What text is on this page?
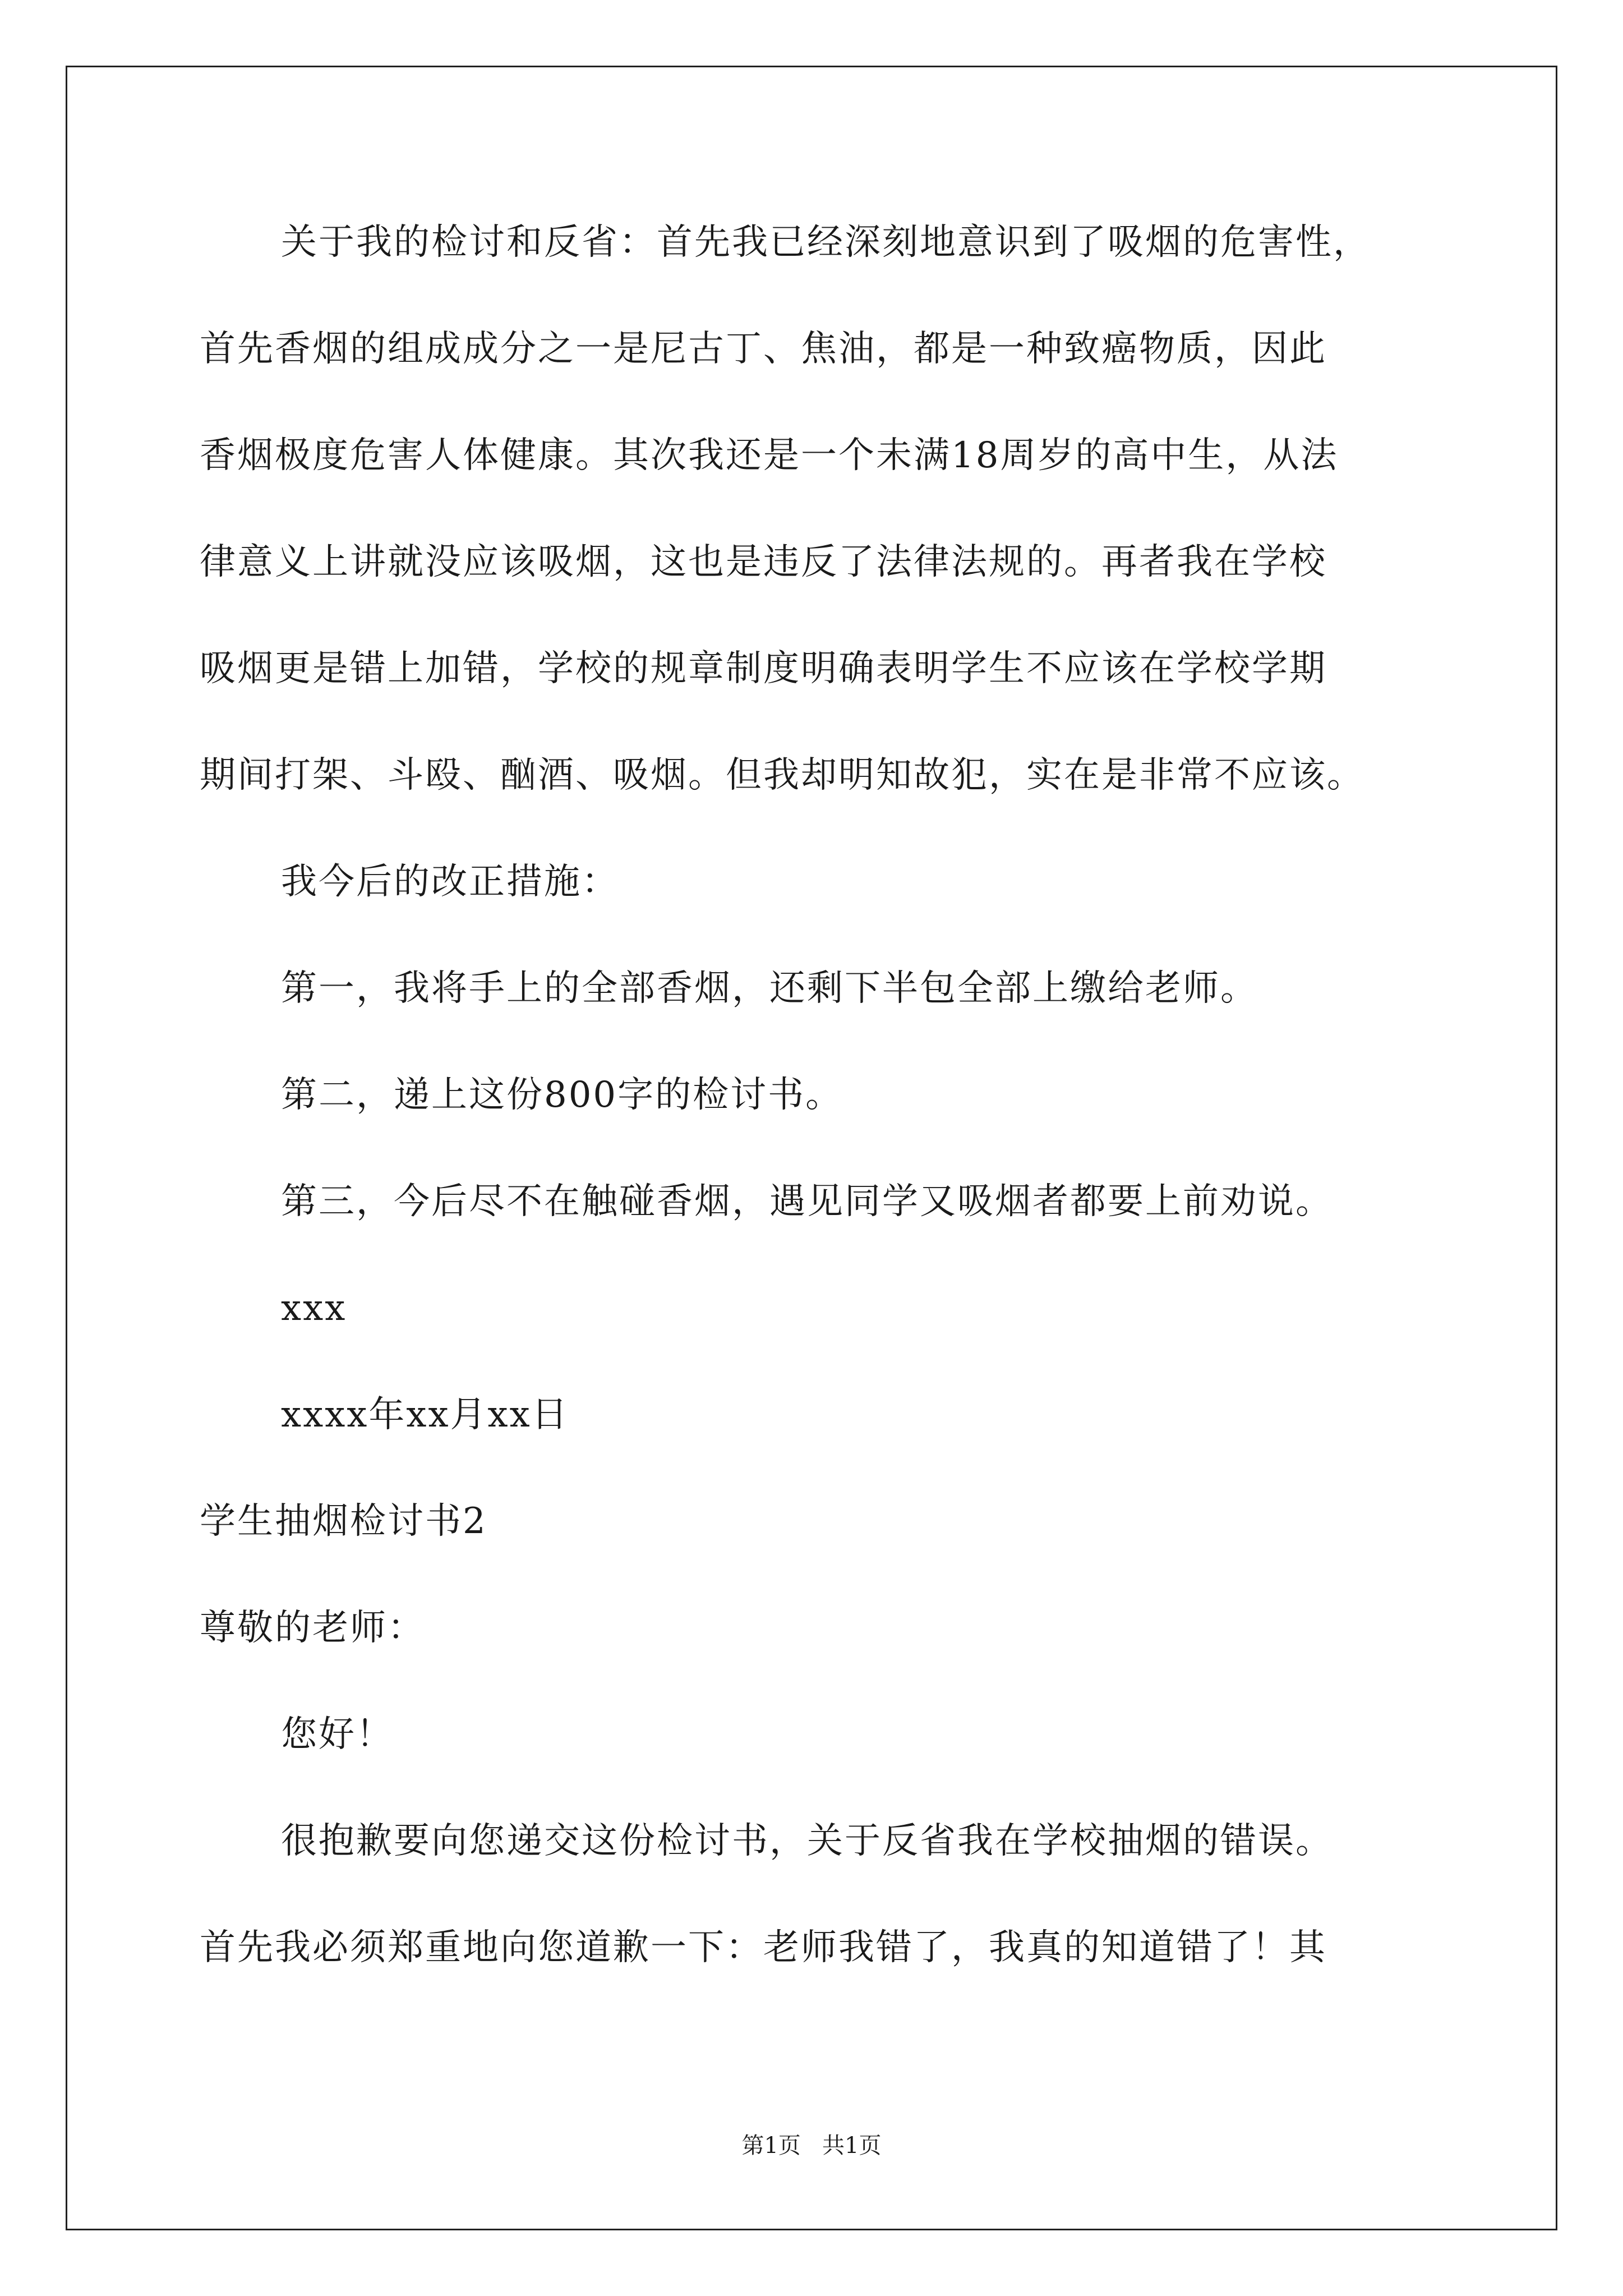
关于我的检讨和反省：首先我已经深刻地意识到了吸烟的危害性，
首先香烟的组成成分之一是尼古丁、焦油，都是一种致癌物质，因此
香烟极度危害人体健康。其次我还是一个未满18周岁的高中生，从法
律意义上讲就没应该吸烟，这也是违反了法律法规的。再者我在学校
吸烟更是错上加错，学校的规章制度明确表明学生不应该在学校学期
期间打架、斗殴、酗酒、吸烟。但我却明知故犯，实在是非常不应该。
我今后的改正措施：
第一，我将手上的全部香烟，还剩下半包全部上缴给老师。
第二，递上这份800字的检讨书。
第三，今后尽不在触碰香烟，遇见同学又吸烟者都要上前劝说。
xxx
xxxx年xx月xx日
学生抽烟检讨书2
尊敬的老师：
您好！
很抱歉要向您递交这份检讨书，关于反省我在学校抽烟的错误。
首先我必须郑重地向您道歉一下：老师我错了，我真的知道错了！其
第1页   共1页
